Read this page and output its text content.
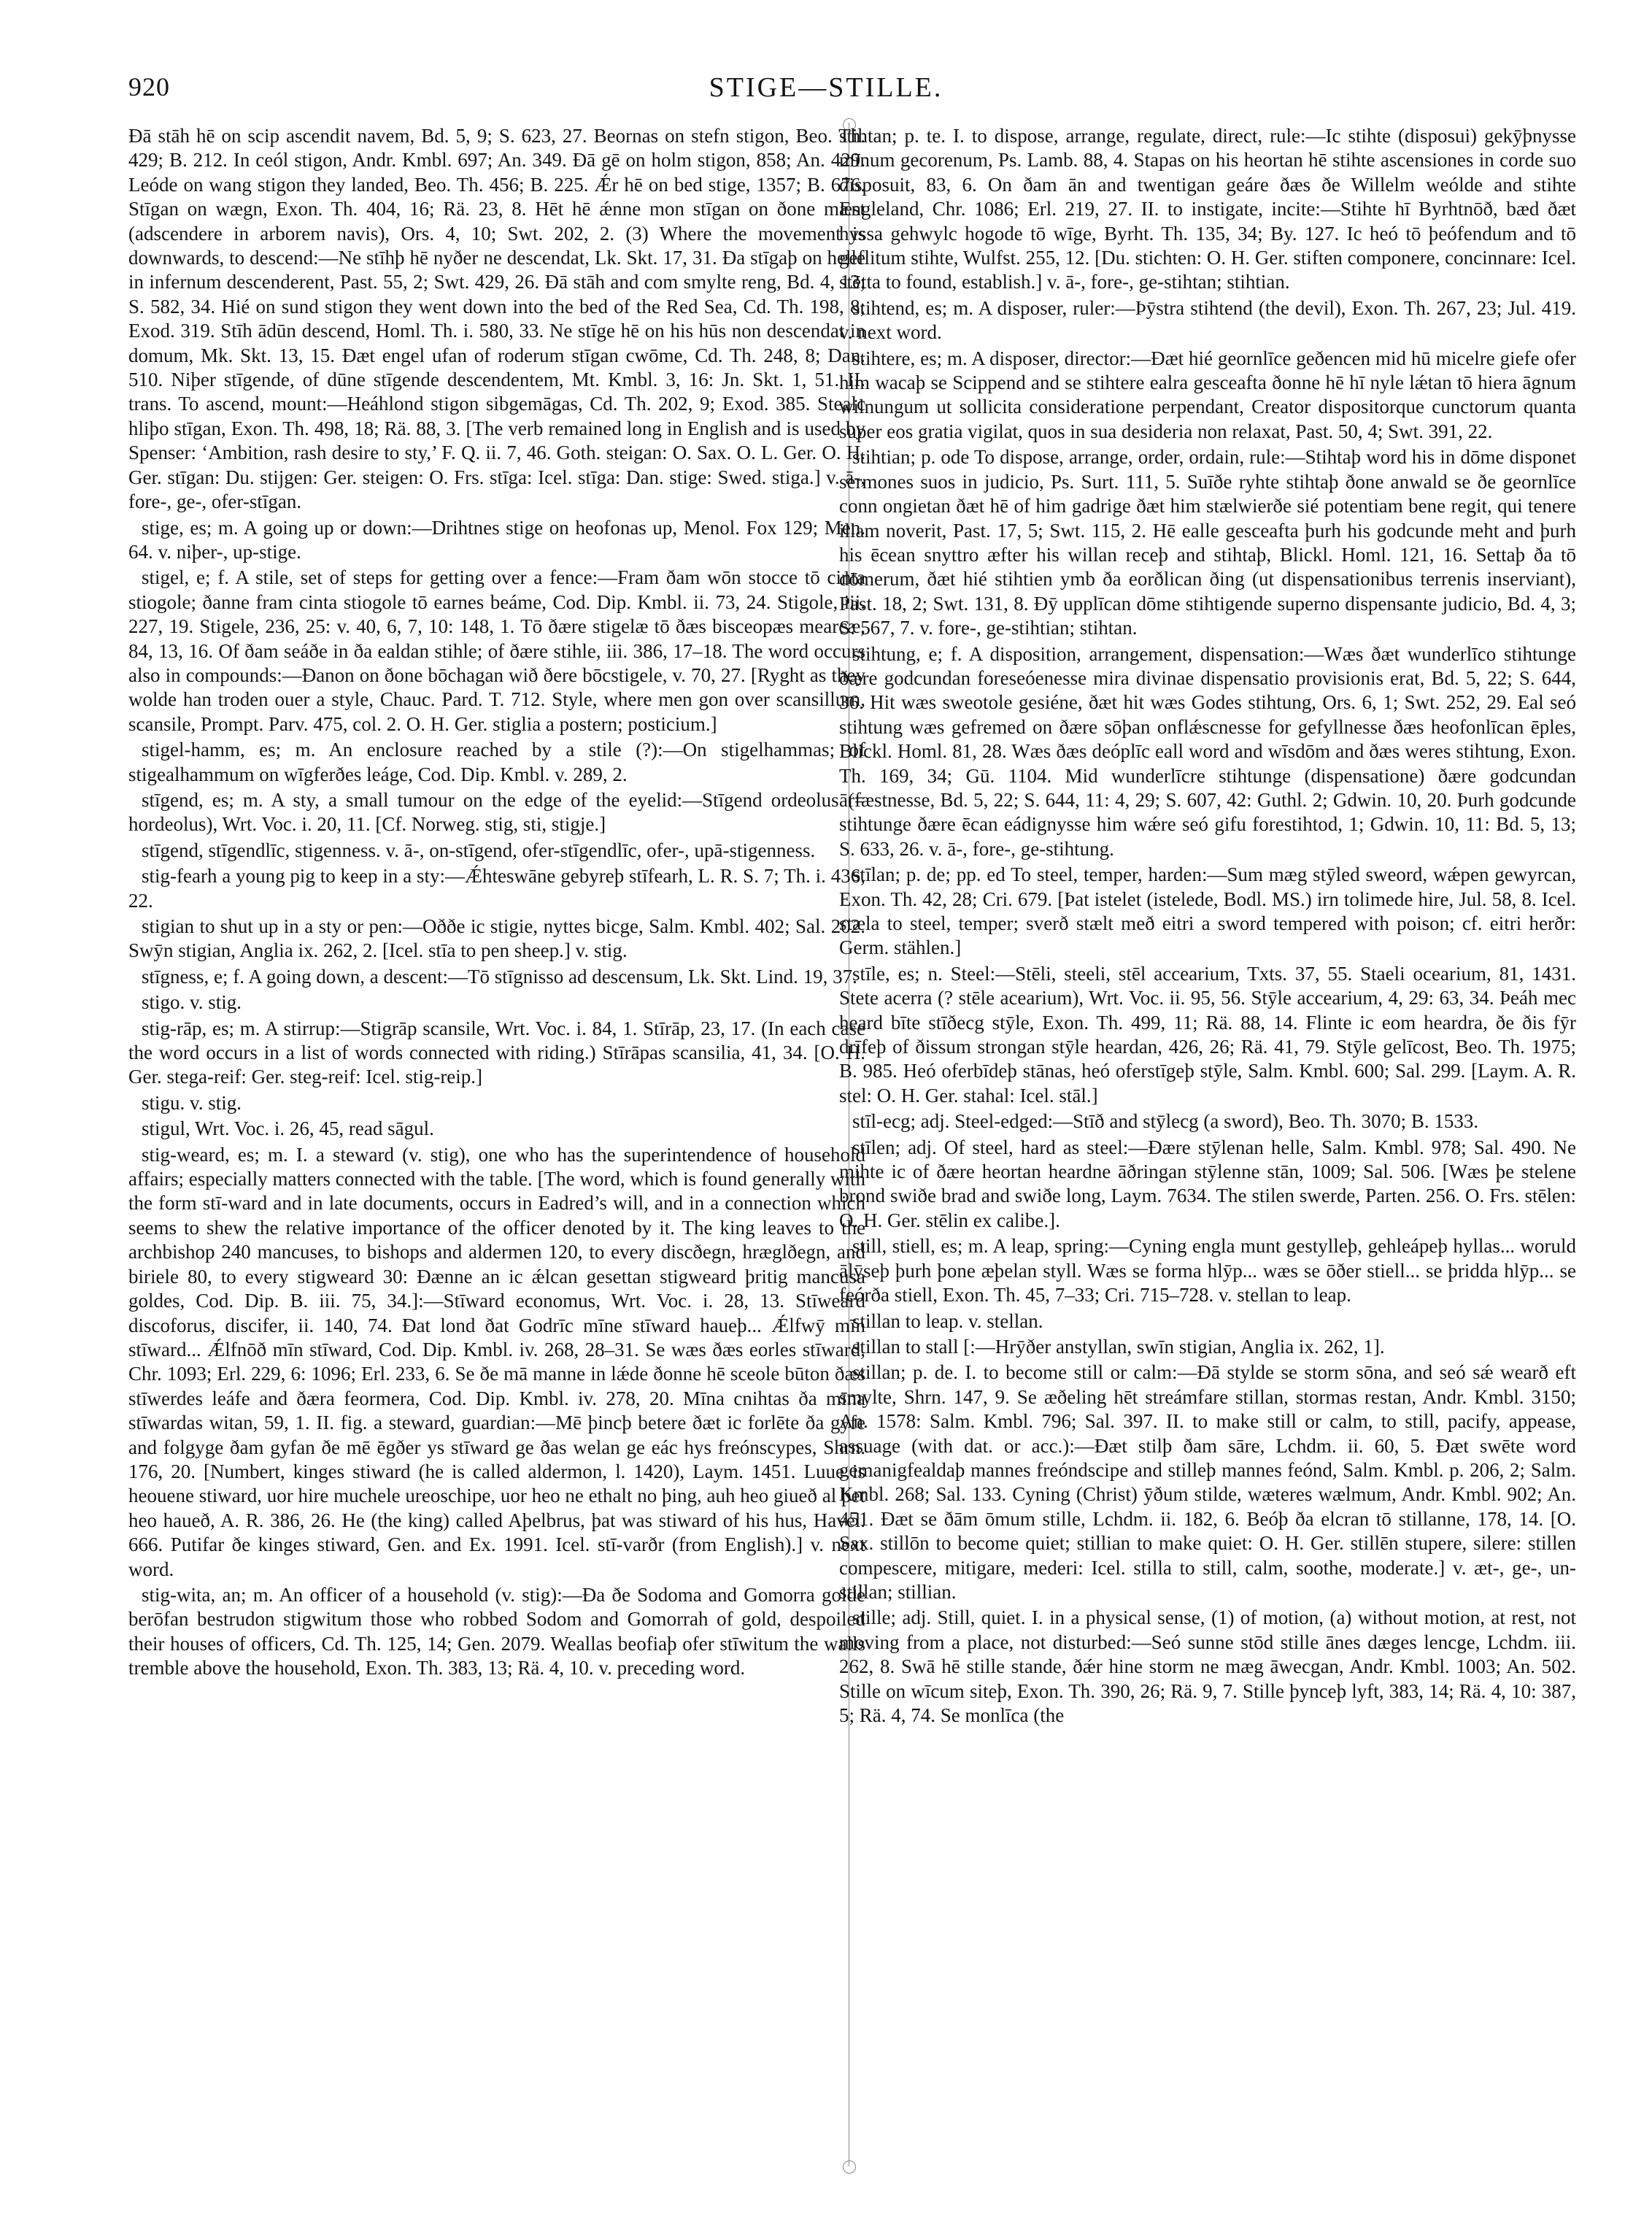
920	STIGE—STILLE.

Ðā stāh hē on scip ascendit navem, Bd. 5, 9; S. 623, 27. Beornas on stefn stigon, Beo. Th. 429; B. 212. In ceól stigon, Andr. Kmbl. 697; An. 349. Ðā gē on holm stigon, 858; An. 429. Leóde on wang stigon they landed, Beo. Th. 456; B. 225. Ǽr hē on bed stige, 1357; B. 676. Stīgan on wægn, Exon. Th. 404, 16; Rä. 23, 8. Hēt hē ǽnne mon stīgan on ðone mæst (adscendere in arborem navis), Ors. 4, 10; Swt. 202, 2. (3) Where the movement is downwards, to descend:—Ne stīhþ hē nyðer ne descendat, Lk. Skt. 17, 31. Ða stīgaþ on helle in infernum descenderent, Past. 55, 2; Swt. 429, 26. Ðā stāh and com smylte reng, Bd. 4, 13; S. 582, 34. Hié on sund stigon they went down into the bed of the Red Sea, Cd. Th. 198, 8; Exod. 319. Stīh ādūn descend, Homl. Th. i. 580, 33. Ne stīge hē on his hūs non descendat in domum, Mk. Skt. 13, 15. Ðæt engel ufan of roderum stīgan cwōme, Cd. Th. 248, 8; Dan. 510. Niþer stīgende, of dūne stīgende descendentem, Mt. Kmbl. 3, 16: Jn. Skt. 1, 51. II. trans. To ascend, mount:—Heáhlond stigon sibgemāgas, Cd. Th. 202, 9; Exod. 385. Stealc hliþo stīgan, Exon. Th. 498, 18; Rä. 88, 3. [The verb remained long in English and is used by Spenser: ‘Ambition, rash desire to sty,’ F. Q. ii. 7, 46. Goth. steigan: O. Sax. O. L. Ger. O. H. Ger. stīgan: Du. stijgen: Ger. steigen: O. Frs. stīga: Icel. stīga: Dan. stige: Swed. stiga.] v. ā-, fore-, ge-, ofer-stīgan.

stige, es; m. A going up or down:—Drihtnes stige on heofonas up, Menol. Fox 129; Men. 64. v. niþer-, up-stige.

stigel, e; f. A stile, set of steps for getting over a fence:—Fram ðam wōn stocce tō cinta stiogole; ðanne fram cinta stiogole tō earnes beáme, Cod. Dip. Kmbl. ii. 73, 24. Stigole, iii. 227, 19. Stigele, 236, 25: v. 40, 6, 7, 10: 148, 1. Tō ðære stigelæ tō ðæs bisceopæs mearcæ, 84, 13, 16. Of ðam seáðe in ða ealdan stihle; of ðære stihle, iii. 386, 17–18. The word occurs also in compounds:—Ðanon on ðone bōchagan wið ðere bōcstigele, v. 70, 27. [Ryght as they wolde han troden ouer a style, Chauc. Pard. T. 712. Style, where men gon over scansillum, scansile, Prompt. Parv. 475, col. 2. O. H. Ger. stiglia a postern; posticium.]

stigel-hamm, es; m. An enclosure reached by a stile (?):—On stigelhammas; of stigealhammum on wīgferðes leáge, Cod. Dip. Kmbl. v. 289, 2.

stīgend, es; m. A sty, a small tumour on the edge of the eyelid:—Stīgend ordeolus (= hordeolus), Wrt. Voc. i. 20, 11. [Cf. Norweg. stig, sti, stigje.]

stīgend, stīgendlīc, stigenness. v. ā-, on-stīgend, ofer-stīgendlīc, ofer-, upā-stigenness.

stig-fearh a young pig to keep in a sty:—Ǽhteswāne gebyreþ stīfearh, L. R. S. 7; Th. i. 436, 22.

stigian to shut up in a sty or pen:—Oððe ic stigie, nyttes bicge, Salm. Kmbl. 402; Sal. 202. Swȳn stigian, Anglia ix. 262, 2. [Icel. stīa to pen sheep.] v. stig.

stīgness, e; f. A going down, a descent:—Tō stīgnisso ad descensum, Lk. Skt. Lind. 19, 37.

stigo. v. stig.

stig-rāp, es; m. A stirrup:—Stigrāp scansile, Wrt. Voc. i. 84, 1. Stīrāp, 23, 17. (In each case the word occurs in a list of words connected with riding.) Stīrāpas scansilia, 41, 34. [O. H. Ger. stega-reif: Ger. steg-reif: Icel. stig-reip.]

stigu. v. stig.

stigul, Wrt. Voc. i. 26, 45, read sāgul.

stig-weard, es; m. I. a steward (v. stig), one who has the superintendence of household affairs; especially matters connected with the table. [The word, which is found generally with the form stī-ward and in late documents, occurs in Eadred’s will, and in a connection which seems to shew the relative importance of the officer denoted by it. The king leaves to the archbishop 240 mancuses, to bishops and aldermen 120, to every discðegn, hræglðegn, and biriele 80, to every stigweard 30: Ðænne an ic ǽlcan gesettan stigweard þritig mancusa goldes, Cod. Dip. B. iii. 75, 34.]:—Stīward economus, Wrt. Voc. i. 28, 13. Stīweard discoforus, discifer, ii. 140, 74. Ðat lond ðat Godrīc mīne stīward haueþ... Ǽlfwȳ mīn stīward... Ǽlfnōð mīn stīward, Cod. Dip. Kmbl. iv. 268, 28–31. Se wæs ðæs eorles stīward, Chr. 1093; Erl. 229, 6: 1096; Erl. 233, 6. Se ðe mā manne in lǽde ðonne hē sceole būton ðæs stīwerdes leáfe and ðæra feormera, Cod. Dip. Kmbl. iv. 278, 20. Mīna cnihtas ða mīna stīwardas witan, 59, 1. II. fig. a steward, guardian:—Mē þincþ betere ðæt ic forlēte ða gyfe and folgyge ðam gyfan ðe mē ēgðer ys stīward ge ðas welan ge eác hys freónscypes, Shrn. 176, 20. [Numbert, kinges stiward (he is called aldermon, l. 1420), Laym. 1451. Luue is heouene stiward, uor hire muchele ureoschipe, uor heo ne ethalt no þing, auh heo giueð al þet heo haueð, A. R. 386, 26. He (the king) called Aþelbrus, þat was stiward of his hus, Havel. 666. Putifar ðe kinges stiward, Gen. and Ex. 1991. Icel. stī-varðr (from English).] v. next word.

stig-wita, an; m. An officer of a household (v. stig):—Ða ðe Sodoma and Gomorra golde berōfan bestrudon stigwitum those who robbed Sodom and Gomorrah of gold, despoiled their houses of officers, Cd. Th. 125, 14; Gen. 2079. Weallas beofiaþ ofer stīwitum the walls tremble above the household, Exon. Th. 383, 13; Rä. 4, 10. v. preceding word.

stihtan; p. te. I. to dispose, arrange, regulate, direct, rule:—Ic stihte (disposui) gekȳþnysse mīnum gecorenum, Ps. Lamb. 88, 4. Stapas on his heortan hē stihte ascensiones in corde suo disposuit, 83, 6. On ðam ān and twentigan geáre ðæs ðe Willelm weólde and stihte Engleland, Chr. 1086; Erl. 219, 27. II. to instigate, incite:—Stihte hī Byrhtnōð, bæd ðæt hyssa gehwylc hogode tō wīge, Byrht. Th. 135, 34; By. 127. Ic heó tō þeófendum and tō geflitum stihte, Wulfst. 255, 12. [Du. stichten: O. H. Ger. stiften componere, concinnare: Icel. stētta to found, establish.] v. ā-, fore-, ge-stihtan; stihtian.

stihtend, es; m. A disposer, ruler:—Þȳstra stihtend (the devil), Exon. Th. 267, 23; Jul. 419. v. next word.

stihtere, es; m. A disposer, director:—Ðæt hié geornlīce geðencen mid hū micelre giefe ofer him wacaþ se Scippend and se stihtere ealra gesceafta ðonne hē hī nyle lǽtan tō hiera āgnum wilnungum ut sollicita consideratione perpendant, Creator dispositorque cunctorum quanta super eos gratia vigilat, quos in sua desideria non relaxat, Past. 50, 4; Swt. 391, 22.

stihtian; p. ode To dispose, arrange, order, ordain, rule:—Stihtaþ word his in dōme disponet sermones suos in judicio, Ps. Surt. 111, 5. Suīðe ryhte stihtaþ ðone anwald se ðe geornlīce conn ongietan ðæt hē of him gadrige ðæt him stælwierðe sié potentiam bene regit, qui tenere illam noverit, Past. 17, 5; Swt. 115, 2. Hē ealle gesceafta þurh his godcunde meht and þurh his ēcean snyttro æfter his willan receþ and stihtaþ, Blickl. Homl. 121, 16. Settaþ ða tō dōmerum, ðæt hié stihtien ymb ða eorðlican ðing (ut dispensationibus terrenis inserviant), Past. 18, 2; Swt. 131, 8. Ðȳ upplīcan dōme stihtigende superno dispensante judicio, Bd. 4, 3; S: 567, 7. v. fore-, ge-stihtian; stihtan.

stihtung, e; f. A disposition, arrangement, dispensation:—Wæs ðæt wunderlīco stihtunge ðære godcundan foreseóenesse mira divinae dispensatio provisionis erat, Bd. 5, 22; S. 644, 36. Hit wæs sweotole gesiéne, ðæt hit wæs Godes stihtung, Ors. 6, 1; Swt. 252, 29. Eal seó stihtung wæs gefremed on ðære sōþan onflǽscnesse for gefyllnesse ðæs heofonlīcan ēples, Blickl. Homl. 81, 28. Wæs ðæs deóplīc eall word and wīsdōm and ðæs weres stihtung, Exon. Th. 169, 34; Gū. 1104. Mid wunderlīcre stihtunge (dispensatione) ðære godcundan ārfæstnesse, Bd. 5, 22; S. 644, 11: 4, 29; S. 607, 42: Guthl. 2; Gdwin. 10, 20. Þurh godcunde stihtunge ðære ēcan eádignysse him wǽre seó gifu forestihtod, 1; Gdwin. 10, 11: Bd. 5, 13; S. 633, 26. v. ā-, fore-, ge-stihtung.

stīlan; p. de; pp. ed To steel, temper, harden:—Sum mæg stȳled sweord, wǽpen gewyrcan, Exon. Th. 42, 28; Cri. 679. [Þat istelet (istelede, Bodl. MS.) irn tolimede hire, Jul. 58, 8. Icel. stæla to steel, temper; sverð stælt með eitri a sword tempered with poison; cf. eitri herðr: Germ. stählen.]

stīle, es; n. Steel:—Stēli, steeli, stēl accearium, Txts. 37, 55. Staeli ocearium, 81, 1431. Stete acerra (? stēle acearium), Wrt. Voc. ii. 95, 56. Stȳle accearium, 4, 29: 63, 34. Þeáh mec heard bīte stīðecg stȳle, Exon. Th. 499, 11; Rä. 88, 14. Flinte ic eom heardra, ðe ðis fȳr drīfeþ of ðissum strongan stȳle heardan, 426, 26; Rä. 41, 79. Stȳle gelīcost, Beo. Th. 1975; B. 985. Heó oferbīdeþ stānas, heó oferstīgeþ stȳle, Salm. Kmbl. 600; Sal. 299. [Laym. A. R. stel: O. H. Ger. stahal: Icel. stāl.]

stīl-ecg; adj. Steel-edged:—Stīð and stȳlecg (a sword), Beo. Th. 3070; B. 1533.

stīlen; adj. Of steel, hard as steel:—Ðære stȳlenan helle, Salm. Kmbl. 978; Sal. 490. Ne mihte ic of ðære heortan heardne āðringan stȳlenne stān, 1009; Sal. 506. [Wæs þe stelene brond swiðe brad and swiðe long, Laym. 7634. The stilen swerde, Parten. 256. O. Frs. stēlen: O. H. Ger. stēlin ex calibe.].

still, stiell, es; m. A leap, spring:—Cyning engla munt gestylleþ, gehleápeþ hyllas... woruld ālȳseþ þurh þone æþelan styll. Wæs se forma hlȳp... wæs se ōðer stiell... se þridda hlȳp... se feórða stiell, Exon. Th. 45, 7–33; Cri. 715–728. v. stellan to leap.

stillan to leap. v. stellan.

stillan to stall [:—Hrȳðer anstyllan, swīn stigian, Anglia ix. 262, 1].

stillan; p. de. I. to become still or calm:—Ðā stylde se storm sōna, and seó sǽ wearð eft smylte, Shrn. 147, 9. Se æðeling hēt streámfare stillan, stormas restan, Andr. Kmbl. 3150; An. 1578: Salm. Kmbl. 796; Sal. 397. II. to make still or calm, to still, pacify, appease, assuage (with dat. or acc.):—Ðæt stilþ ðam sāre, Lchdm. ii. 60, 5. Ðæt swēte word gemanigfealdaþ mannes freóndscipe and stilleþ mannes feónd, Salm. Kmbl. p. 206, 2; Salm. Kmbl. 268; Sal. 133. Cyning (Christ) ȳðum stilde, wæteres wælmum, Andr. Kmbl. 902; An. 451. Ðæt se ðām ōmum stille, Lchdm. ii. 182, 6. Beóþ ða elcran tō stillanne, 178, 14. [O. Sax. stillōn to become quiet; stillian to make quiet: O. H. Ger. stillēn stupere, silere: stillen compescere, mitigare, mederi: Icel. stilla to still, calm, soothe, moderate.] v. æt-, ge-, un-stillan; stillian.

stille; adj. Still, quiet. I. in a physical sense, (1) of motion, (a) without motion, at rest, not moving from a place, not disturbed:—Seó sunne stōd stille ānes dæges lencge, Lchdm. iii. 262, 8. Swā hē stille stande, ðǽr hine storm ne mæg āwecgan, Andr. Kmbl. 1003; An. 502. Stille on wīcum siteþ, Exon. Th. 390, 26; Rä. 9, 7. Stille þynceþ lyft, 383, 14; Rä. 4, 10: 387, 5; Rä. 4, 74. Se monlīca (the
